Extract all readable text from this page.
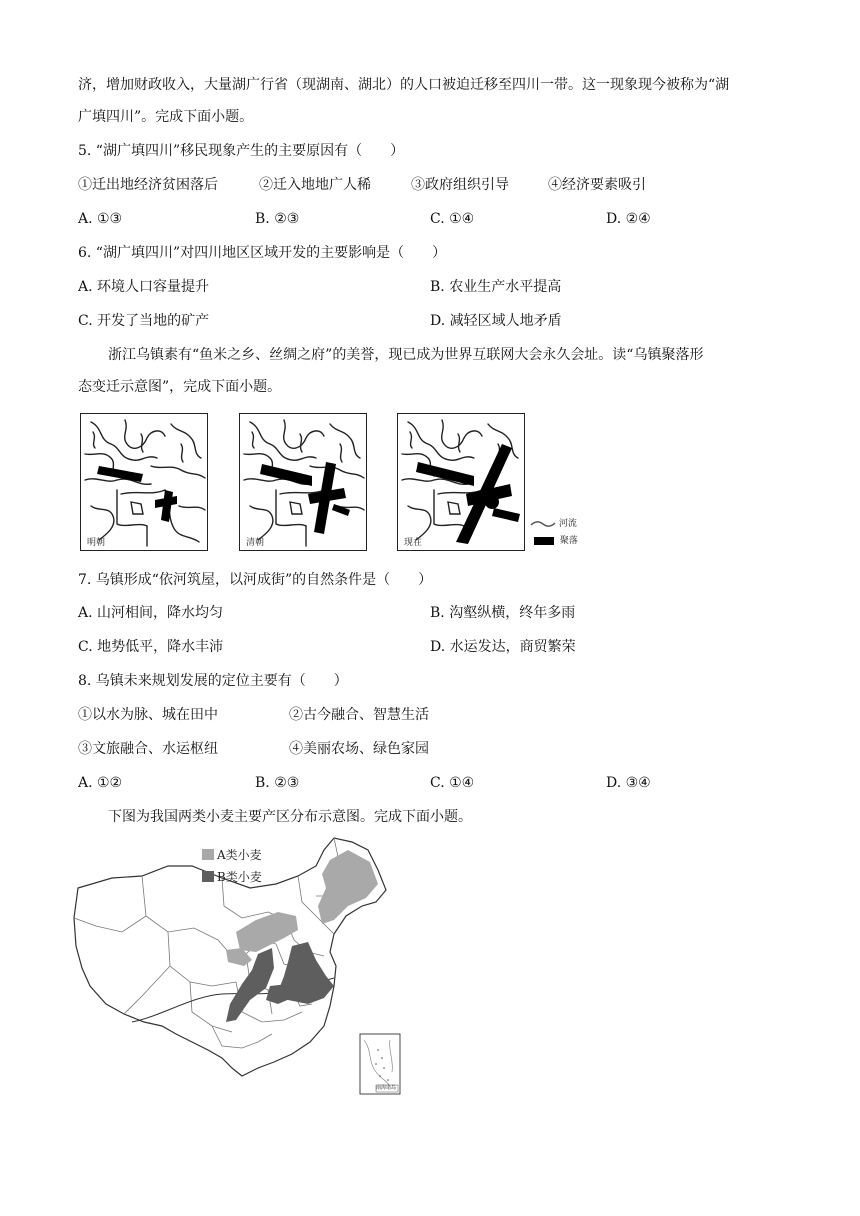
济，增加财政收入，大量湖广行省（现湖南、湖北）的人口被迫迁移至四川一带。这一现象现今被称为“湖
广填四川”。完成下面小题。
5. “湖广填四川”移民现象产生的主要原因有（　　）
①迁出地经济贫困落后	②迁入地地广人稀	③政府组织引导	④经济要素吸引
A. ①③	B. ②③	C. ①④	D. ②④
6. “湖广填四川”对四川地区区域开发的主要影响是（　　）
A. 环境人口容量提升	B. 农业生产水平提高
C. 开发了当地的矿产	D. 减轻区域人地矛盾
浙江乌镇素有“鱼米之乡、丝绸之府”的美誉，现已成为世界互联网大会永久会址。读“乌镇聚落形
态变迁示意图”，完成下面小题。
明朝	清朝	现在
河流
聚落
7. 乌镇形成“依河筑屋，以河成街”的自然条件是（　　）
A. 山河相间，降水均匀	B. 沟壑纵横，终年多雨
C. 地势低平，降水丰沛	D. 水运发达，商贸繁荣
8. 乌镇未来规划发展的定位主要有（　　）
①以水为脉、城在田中	②古今融合、智慧生活
③文旅融合、水运枢纽	④美丽农场、绿色家园
A. ①②	B. ②③	C. ①④	D. ③④
下图为我国两类小麦主要产区分布示意图。完成下面小题。
南海诸岛
A类小麦
B类小麦
